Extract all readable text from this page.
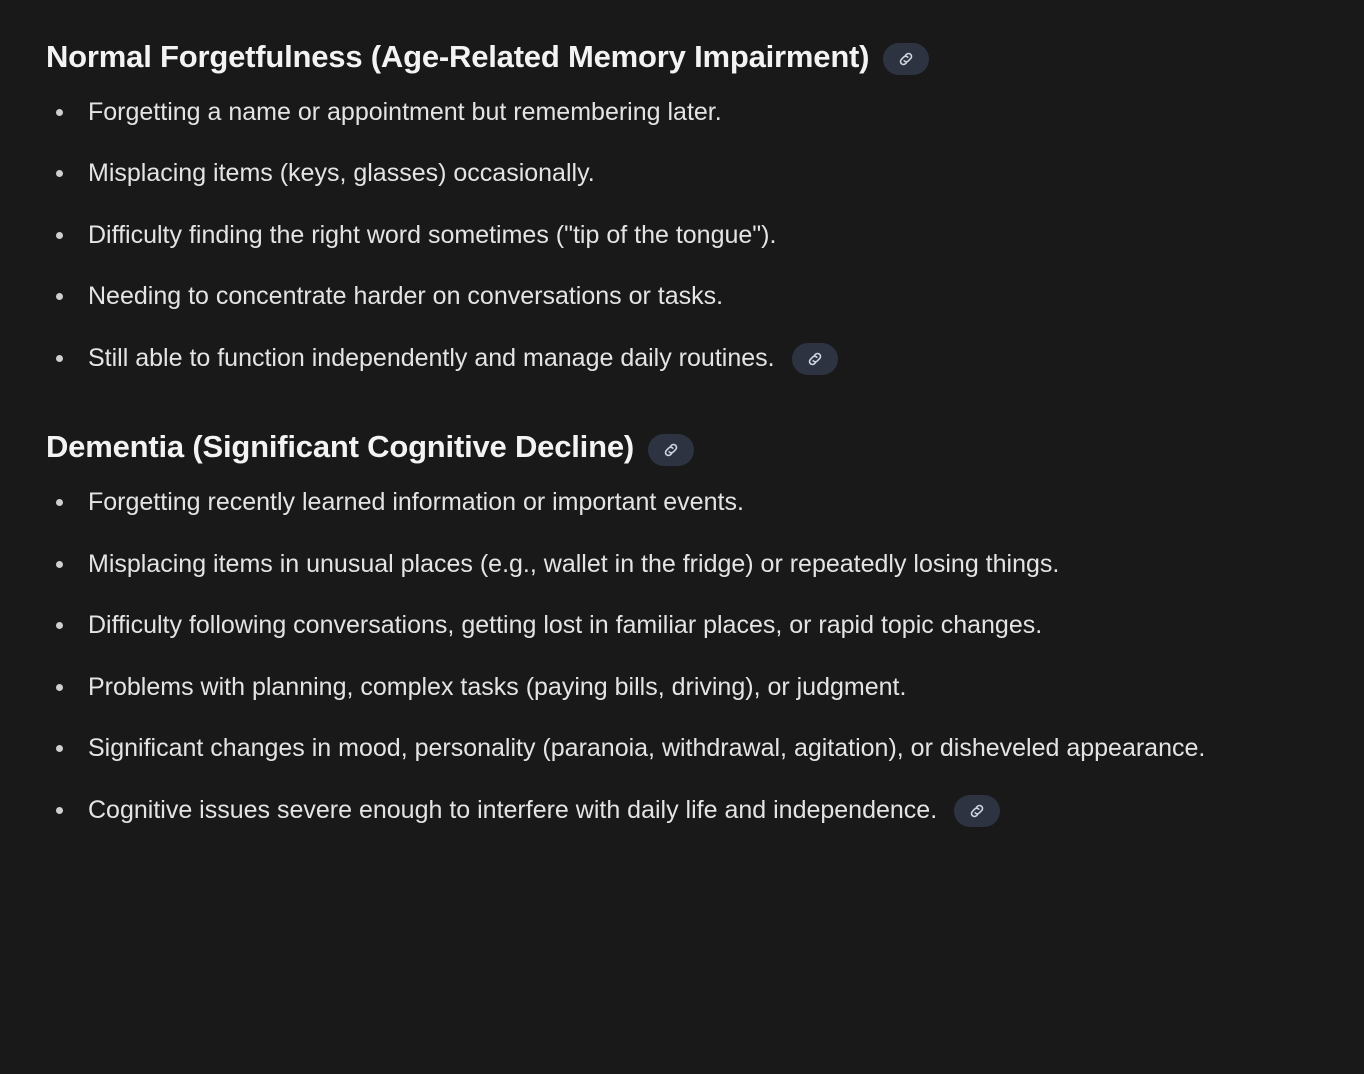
Normal Forgetfulness (Age-Related Memory Impairment)
Forgetting a name or appointment but remembering later.
Misplacing items (keys, glasses) occasionally.
Difficulty finding the right word sometimes ("tip of the tongue").
Needing to concentrate harder on conversations or tasks.
Still able to function independently and manage daily routines.
Dementia (Significant Cognitive Decline)
Forgetting recently learned information or important events.
Misplacing items in unusual places (e.g., wallet in the fridge) or repeatedly losing things.
Difficulty following conversations, getting lost in familiar places, or rapid topic changes.
Problems with planning, complex tasks (paying bills, driving), or judgment.
Significant changes in mood, personality (paranoia, withdrawal, agitation), or disheveled appearance.
Cognitive issues severe enough to interfere with daily life and independence.
